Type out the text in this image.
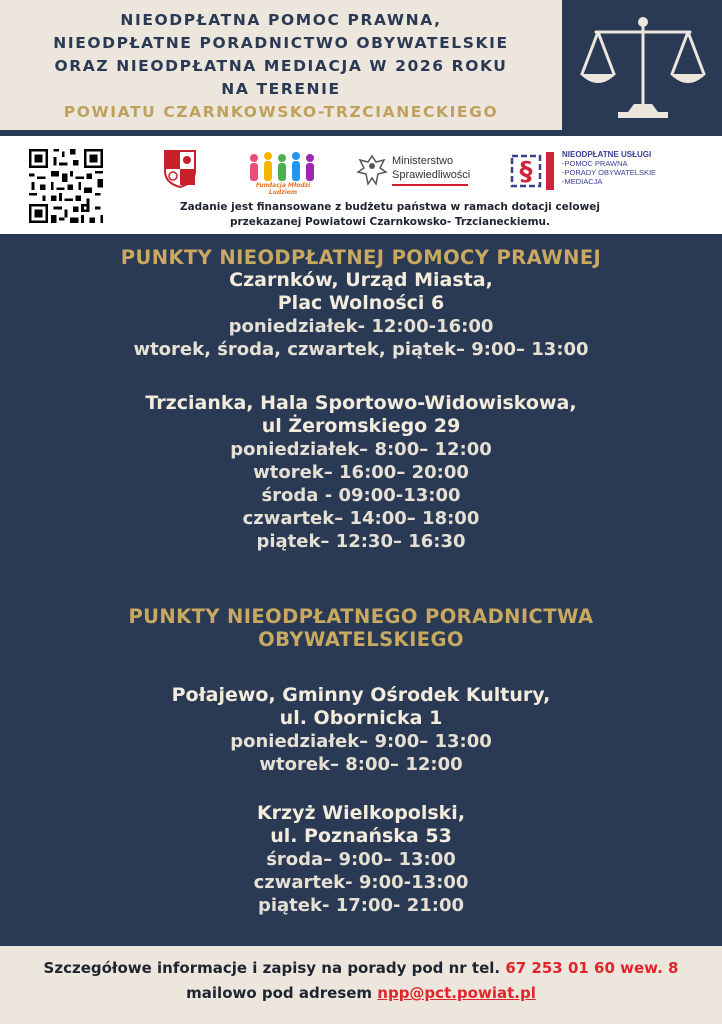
NIEODPŁATNA POMOC PRAWNA,
NIEODPŁATNE PORADNICTWO OBYWATELSKIE
ORAZ NIEODPŁATNA MEDIACJA W 2026 ROKU
NA TERENIE
POWIATU CZARNKOWSKO-TRZCIANECKIEGO
Fundacja Młodzi Ludziom
Ministerstwo
Sprawiedliwości §
NIEODPŁATNE USŁUGI
-POMOC PRAWNA
-PORADY OBYWATELSKIE
-MEDIACJA
Zadanie jest finansowane z budżetu państwa w ramach dotacji celowej
przekazanej Powiatowi Czarnkowsko- Trzcianeckiemu.
PUNKTY NIEODPŁATNEJ POMOCY PRAWNEJ
Czarnków, Urząd Miasta,
Plac Wolności 6
poniedziałek- 12:00-16:00
wtorek, środa, czwartek, piątek– 9:00– 13:00
Trzcianka, Hala Sportowo-Widowiskowa,
ul Żeromskiego 29
poniedziałek– 8:00– 12:00
wtorek– 16:00– 20:00
środa - 09:00-13:00
czwartek– 14:00– 18:00
piątek– 12:30– 16:30
PUNKTY NIEODPŁATNEGO PORADNICTWA
OBYWATELSKIEGO
Połajewo, Gminny Ośrodek Kultury,
ul. Obornicka 1
poniedziałek– 9:00– 13:00
wtorek– 8:00– 12:00
Krzyż Wielkopolski,
ul. Poznańska 53
środa– 9:00– 13:00
czwartek- 9:00-13:00
piątek- 17:00- 21:00
Szczegółowe informacje i zapisy na porady pod nr tel. 67 253 01 60 wew. 8
mailowo pod adresem npp@pct.powiat.pl
